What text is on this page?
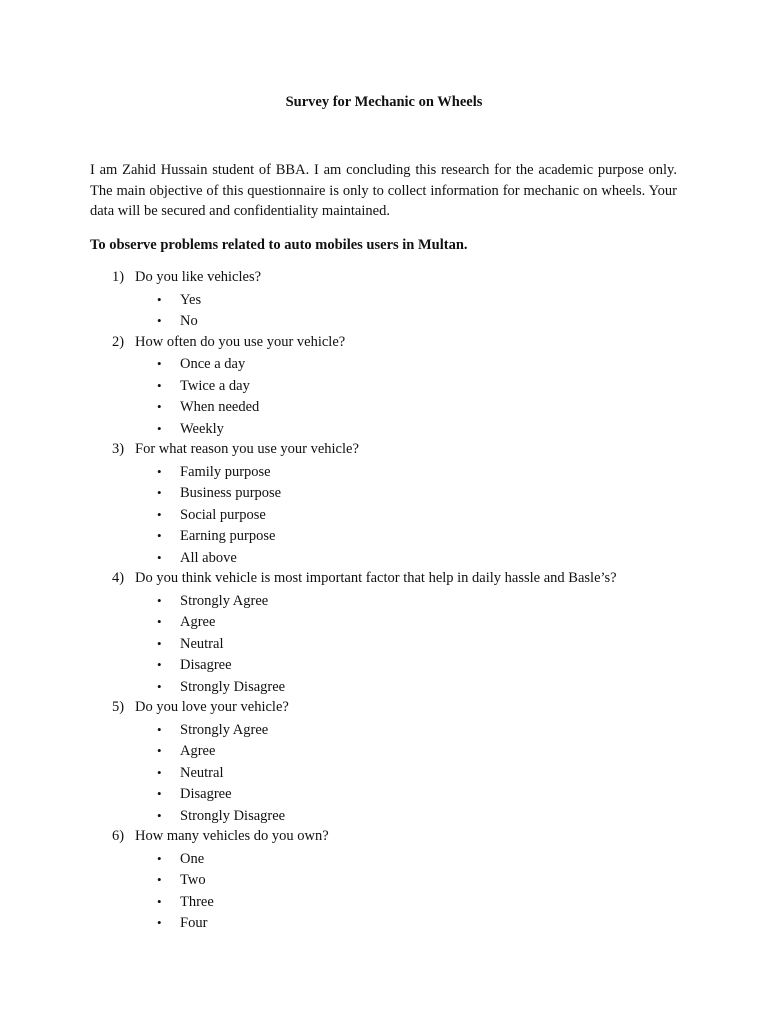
Survey for Mechanic on Wheels

I am Zahid Hussain student of BBA. I am concluding this research for the academic purpose only. The main objective of this questionnaire is only to collect information for mechanic on wheels. Your data will be secured and confidentiality maintained.

To observe problems related to auto mobiles users in Multan.
1) Do you like vehicles?
• Yes
• No
2) How often do you use your vehicle?
• Once a day
• Twice a day
• When needed
• Weekly
3) For what reason you use your vehicle?
• Family purpose
• Business purpose
• Social purpose
• Earning purpose
• All above
4) Do you think vehicle is most important factor that help in daily hassle and Basle’s?
• Strongly Agree
• Agree
• Neutral
• Disagree
• Strongly Disagree
5) Do you love your vehicle?
• Strongly Agree
• Agree
• Neutral
• Disagree
• Strongly Disagree
6) How many vehicles do you own?
• One
• Two
• Three
• Four
